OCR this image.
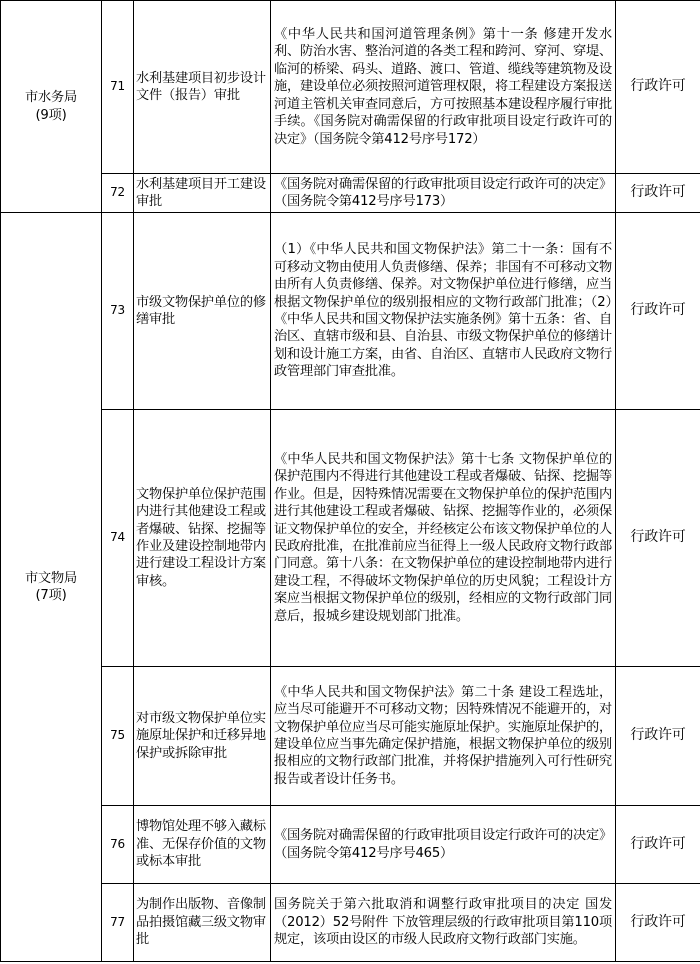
市水务局
(9项)	71	水利基建项目初步设计文件（报告）审批	《中华人民共和国河道管理条例》第十一条 修建开发水利、防治水害、整治河道的各类工程和跨河、穿河、穿堤、临河的桥梁、码头、道路、渡口、管道、缆线等建筑物及设施，建设单位必须按照河道管理权限，将工程建设方案报送河道主管机关审查同意后，方可按照基本建设程序履行审批手续。《国务院对确需保留的行政审批项目设定行政许可的决定》（国务院令第412号序号172）	行政许可
	72	水利基建项目开工建设审批	《国务院对确需保留的行政审批项目设定行政许可的决定》（国务院令第412号序号173）	行政许可
市文物局
(7项)	73	市级文物保护单位的修缮审批	（1）《中华人民共和国文物保护法》第二十一条：国有不可移动文物由使用人负责修缮、保养；非国有不可移动文物由所有人负责修缮、保养。对文物保护单位进行修缮，应当根据文物保护单位的级别报相应的文物行政部门批准；（2）《中华人民共和国文物保护法实施条例》第十五条：省、自治区、直辖市级和县、自治县、市级文物保护单位的修缮计划和设计施工方案，由省、自治区、直辖市人民政府文物行政管理部门审查批准。	行政许可
	74	文物保护单位保护范围内进行其他建设工程或者爆破、钻探、挖掘等作业及建设控制地带内进行建设工程设计方案审核。	《中华人民共和国文物保护法》第十七条 文物保护单位的保护范围内不得进行其他建设工程或者爆破、钻探、挖掘等作业。但是，因特殊情况需要在文物保护单位的保护范围内进行其他建设工程或者爆破、钻探、挖掘等作业的，必须保证文物保护单位的安全，并经核定公布该文物保护单位的人民政府批准，在批准前应当征得上一级人民政府文物行政部门同意。第十八条：在文物保护单位的建设控制地带内进行建设工程，不得破坏文物保护单位的历史风貌；工程设计方案应当根据文物保护单位的级别，经相应的文物行政部门同意后，报城乡建设规划部门批准。	行政许可
	75	对市级文物保护单位实施原址保护和迁移异地保护或拆除审批	《中华人民共和国文物保护法》第二十条 建设工程选址，应当尽可能避开不可移动文物；因特殊情况不能避开的，对文物保护单位应当尽可能实施原址保护。实施原址保护的，建设单位应当事先确定保护措施，根据文物保护单位的级别报相应的文物行政部门批准，并将保护措施列入可行性研究报告或者设计任务书。	行政许可
	76	博物馆处理不够入藏标准、无保存价值的文物或标本审批	《国务院对确需保留的行政审批项目设定行政许可的决定》（国务院令第412号序号465）	行政许可
	77	为制作出版物、音像制品拍摄馆藏三级文物审批	国务院关于第六批取消和调整行政审批项目的决定 国发（2012）52号附件 下放管理层级的行政审批项目第110项规定，该项由设区的市级人民政府文物行政部门实施。	行政许可
